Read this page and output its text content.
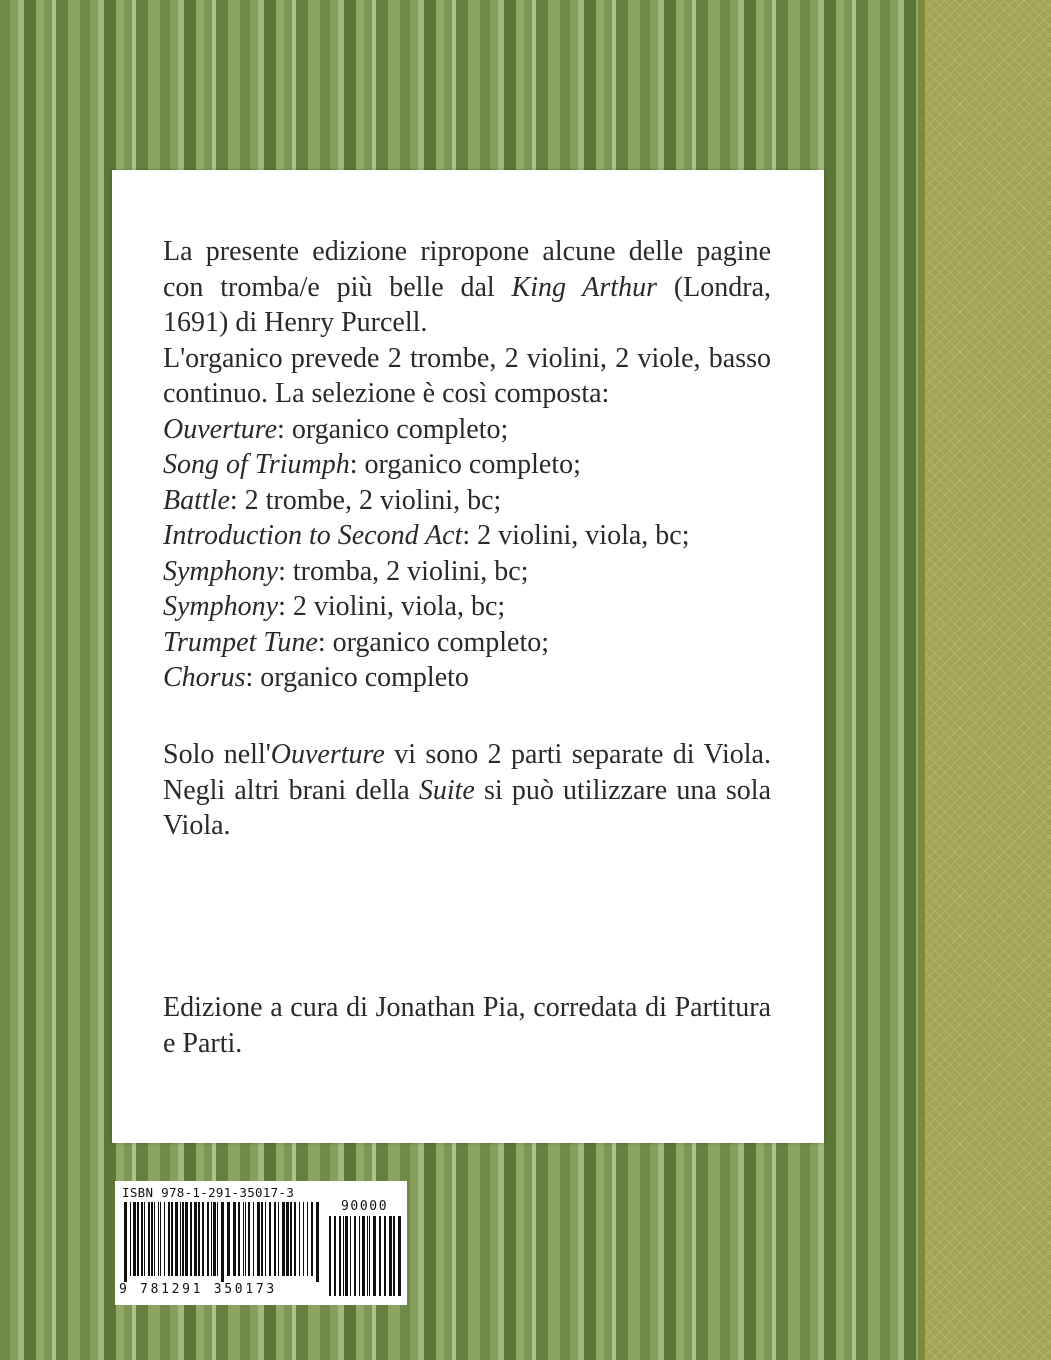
La presente edizione ripropone alcune delle pagine con tromba/e più belle dal King Arthur (Londra, 1691) di Henry Purcell.

L'organico prevede 2 trombe, 2 violini, 2 viole, basso continuo. La selezione è così composta:

Ouverture: organico completo;

Song of Triumph: organico completo;

Battle: 2 trombe, 2 violini, bc;

Introduction to Second Act: 2 violini, viola, bc;

Symphony: tromba, 2 violini, bc;

Symphony: 2 violini, viola, bc;

Trumpet Tune: organico completo;

Chorus: organico completo

Solo nell'Ouverture vi sono 2 parti separate di Viola. Negli altri brani della Suite si può utilizzare una sola Viola.

Edizione a cura di Jonathan Pia, corredata di Partitura e Parti.

ISBN 978-1-291-35017-3
9 781291 350173
90000
